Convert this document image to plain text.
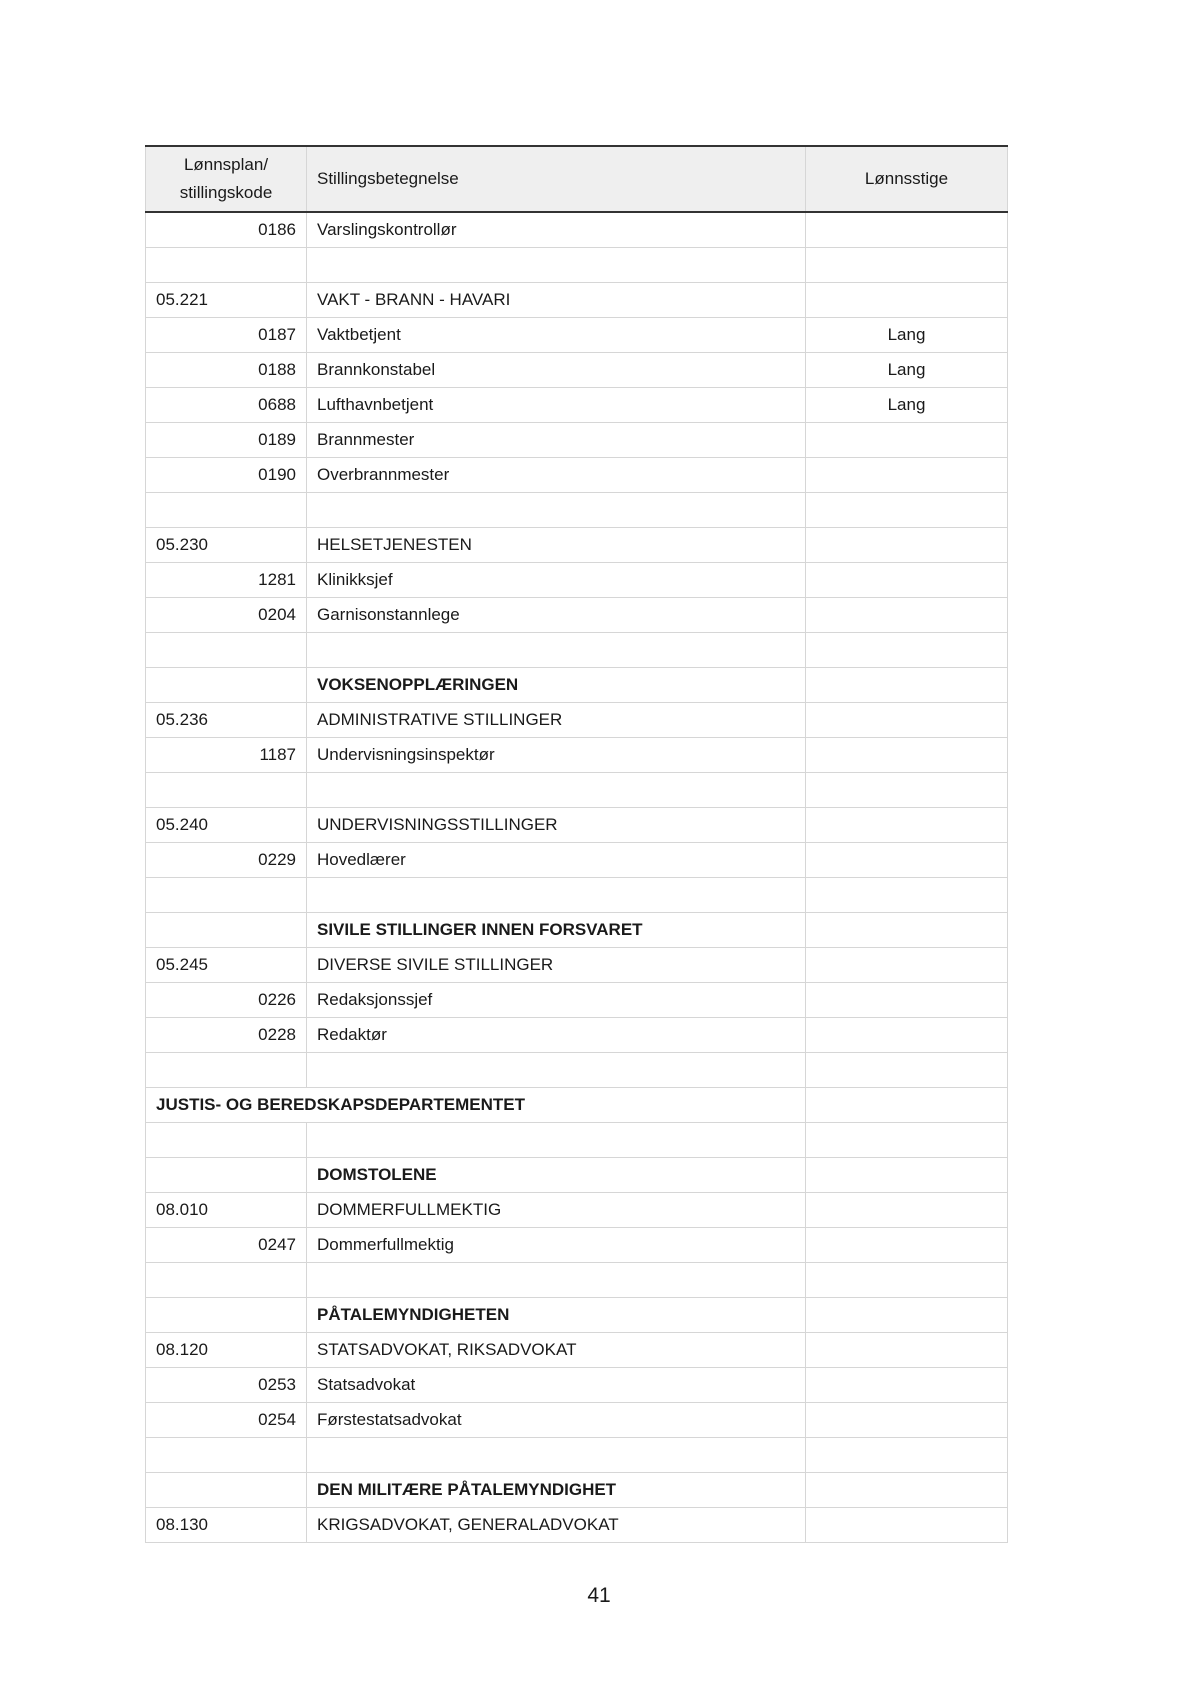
Lønnsplan/
stillingskode	Stillingsbetegnelse	Lønnsstige
0186	Varslingskontrollør	

05.221	VAKT - BRANN - HAVARI	
0187	Vaktbetjent	Lang
0188	Brannkonstabel	Lang
0688	Lufthavnbetjent	Lang
0189	Brannmester	
0190	Overbrannmester	

05.230	HELSETJENESTEN	
1281	Klinikksjef	
0204	Garnisonstannlege	

	VOKSENOPPLÆRINGEN	
05.236	ADMINISTRATIVE STILLINGER	
1187	Undervisningsinspektør	

05.240	UNDERVISNINGSSTILLINGER	
0229	Hovedlærer	

	SIVILE STILLINGER INNEN FORSVARET	
05.245	DIVERSE SIVILE STILLINGER	
0226	Redaksjonssjef	
0228	Redaktør	

JUSTIS- OG BEREDSKAPSDEPARTEMENTET		

	DOMSTOLENE	
08.010	DOMMERFULLMEKTIG	
0247	Dommerfullmektig	

	PÅTALEMYNDIGHETEN	
08.120	STATSADVOKAT, RIKSADVOKAT	
0253	Statsadvokat	
0254	Førstestatsadvokat	

	DEN MILITÆRE PÅTALEMYNDIGHET	
08.130	KRIGSADVOKAT, GENERALADVOKAT	
41
